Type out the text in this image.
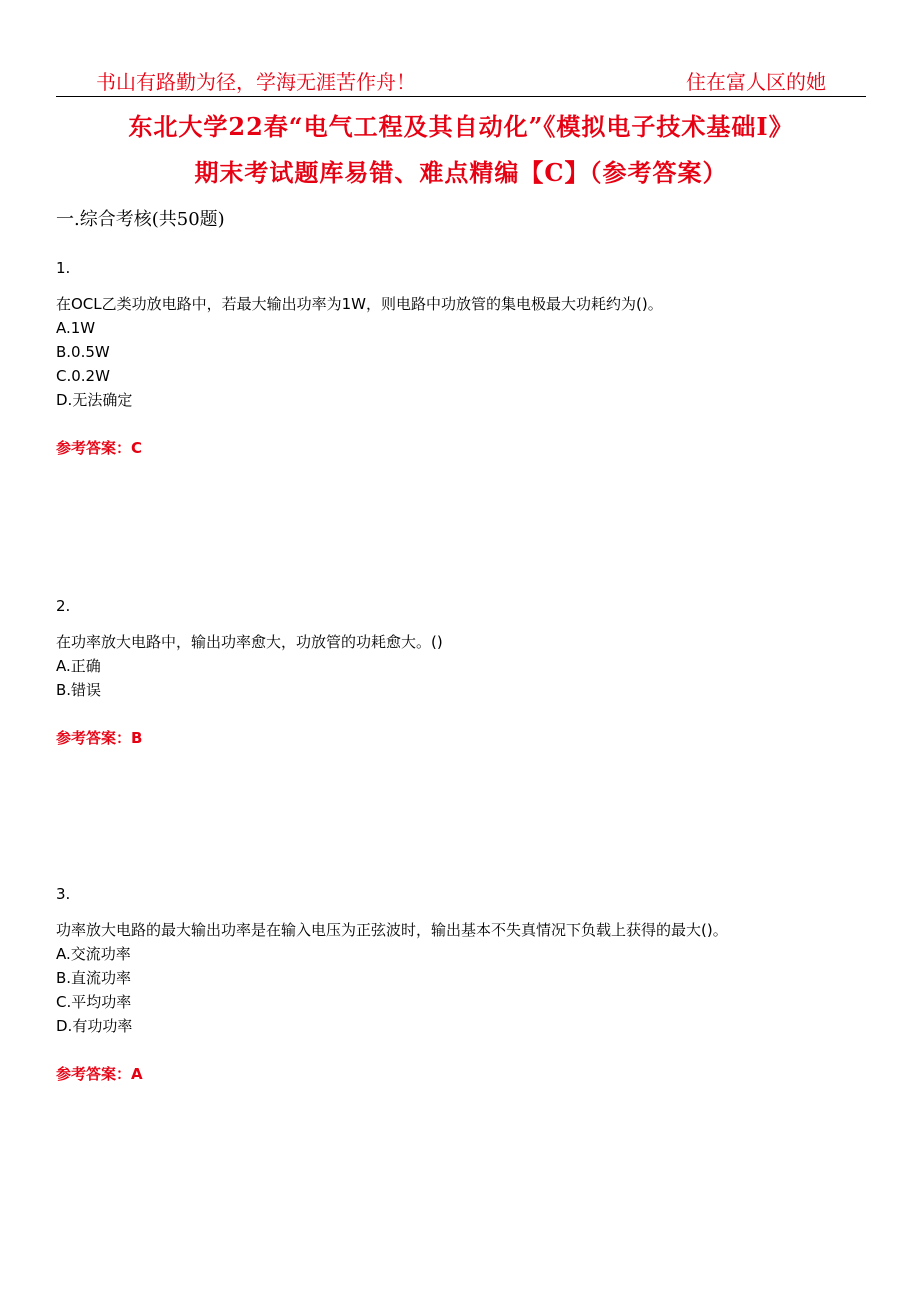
书山有路勤为径，学海无涯苦作舟！	住在富人区的她
东北大学22春“电气工程及其自动化”《模拟电子技术基础Ⅰ》
期末考试题库易错、难点精编【C】（参考答案）
一.综合考核(共50题)
1.
在OCL乙类功放电路中，若最大输出功率为1W，则电路中功放管的集电极最大功耗约为()。
A.1W
B.0.5W
C.0.2W
D.无法确定
参考答案：C
2.
在功率放大电路中，输出功率愈大，功放管的功耗愈大。()
A.正确
B.错误
参考答案：B
3.
功率放大电路的最大输出功率是在输入电压为正弦波时，输出基本不失真情况下负载上获得的最大()。
A.交流功率
B.直流功率
C.平均功率
D.有功功率
参考答案：A
